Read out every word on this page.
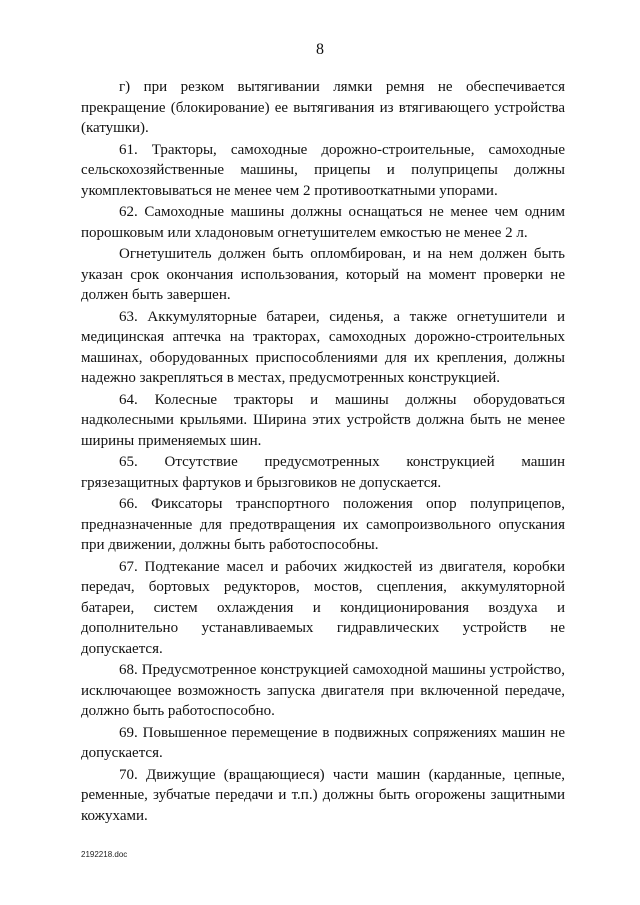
8

г) при резком вытягивании лямки ремня не обеспечивается прекращение (блокирование) ее вытягивания из втягивающего устройства (катушки).

61. Тракторы, самоходные дорожно-строительные, самоходные сельскохозяйственные машины, прицепы и полуприцепы должны укомплектовываться не менее чем 2 противооткатными упорами.

62. Самоходные машины должны оснащаться не менее чем одним порошковым или хладоновым огнетушителем емкостью не менее 2 л.

Огнетушитель должен быть опломбирован, и на нем должен быть указан срок окончания использования, который на момент проверки не должен быть завершен.

63. Аккумуляторные батареи, сиденья, а также огнетушители и медицинская аптечка на тракторах, самоходных дорожно-строительных машинах, оборудованных приспособлениями для их крепления, должны надежно закрепляться в местах, предусмотренных конструкцией.

64. Колесные тракторы и машины должны оборудоваться надколесными крыльями. Ширина этих устройств должна быть не менее ширины применяемых шин.

65. Отсутствие предусмотренных конструкцией машин грязезащитных фартуков и брызговиков не допускается.

66. Фиксаторы транспортного положения опор полуприцепов, предназначенные для предотвращения их самопроизвольного опускания при движении, должны быть работоспособны.

67. Подтекание масел и рабочих жидкостей из двигателя, коробки передач, бортовых редукторов, мостов, сцепления, аккумуляторной батареи, систем охлаждения и кондиционирования воздуха и дополнительно устанавливаемых гидравлических устройств не допускается.

68. Предусмотренное конструкцией самоходной машины устройство, исключающее возможность запуска двигателя при включенной передаче, должно быть работоспособно.

69. Повышенное перемещение в подвижных сопряжениях машин не допускается.

70. Движущие (вращающиеся) части машин (карданные, цепные, ременные, зубчатые передачи и т.п.) должны быть огорожены защитными кожухами.

2192218.doc
